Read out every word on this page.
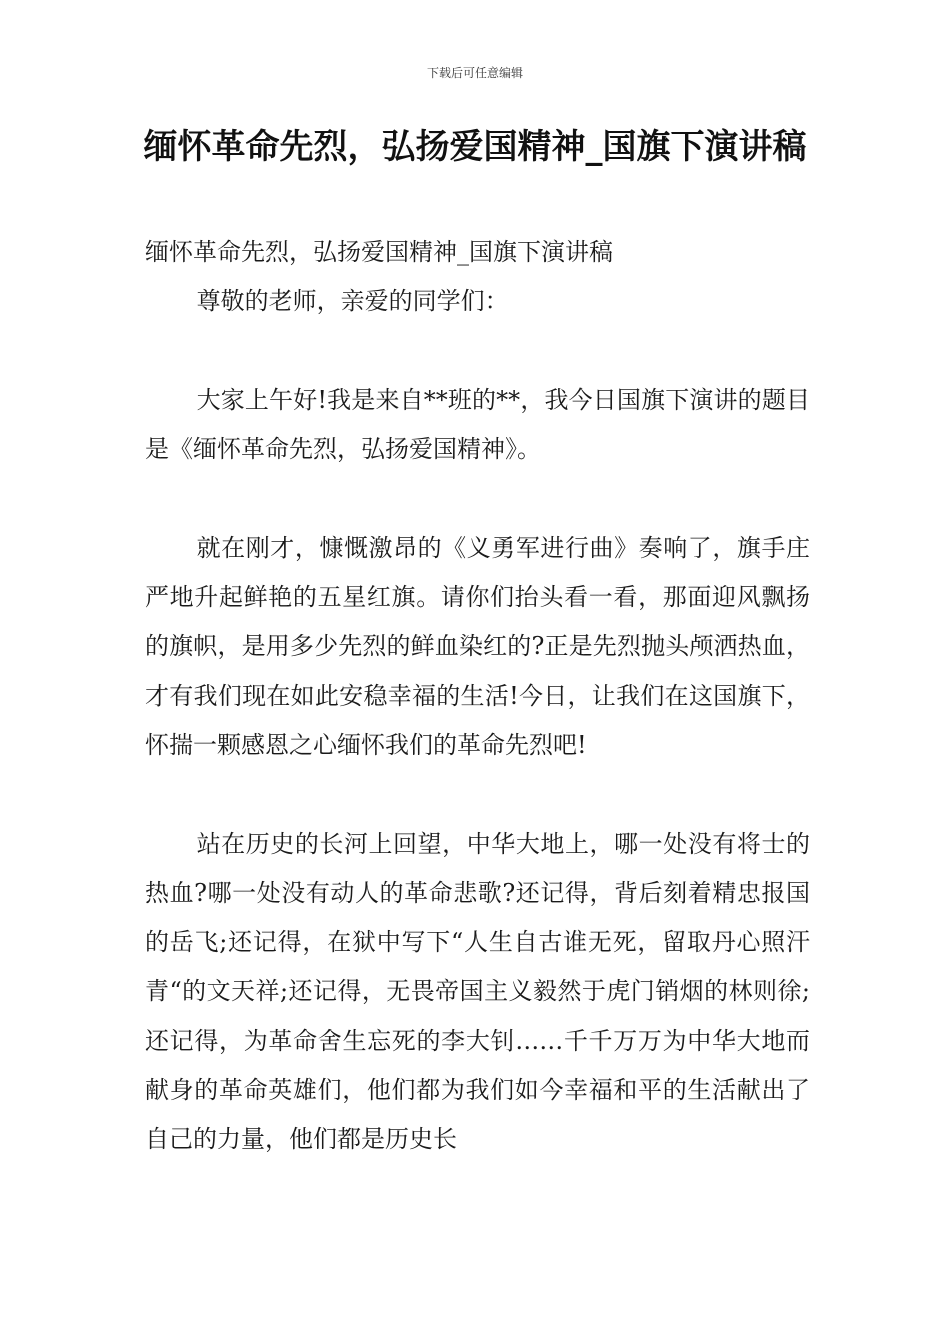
下载后可任意编辑
缅怀革命先烈，弘扬爱国精神_国旗下演讲稿

缅怀革命先烈，弘扬爱国精神_国旗下演讲稿

尊敬的老师，亲爱的同学们：

大家上午好!我是来自**班的**，我今日国旗下演讲的题目是《缅怀革命先烈，弘扬爱国精神》。

就在刚才，慷慨激昂的《义勇军进行曲》奏响了，旗手庄严地升起鲜艳的五星红旗。请你们抬头看一看，那面迎风飘扬的旗帜，是用多少先烈的鲜血染红的?正是先烈抛头颅洒热血，才有我们现在如此安稳幸福的生活!今日，让我们在这国旗下，怀揣一颗感恩之心缅怀我们的革命先烈吧!

站在历史的长河上回望，中华大地上，哪一处没有将士的热血?哪一处没有动人的革命悲歌?还记得，背后刻着精忠报国的岳飞;还记得，在狱中写下“人生自古谁无死，留取丹心照汗青“的文天祥;还记得，无畏帝国主义毅然于虎门销烟的林则徐;还记得，为革命舍生忘死的李大钊……千千万万为中华大地而献身的革命英雄们，他们都为我们如今幸福和平的生活献出了自己的力量，他们都是历史长
